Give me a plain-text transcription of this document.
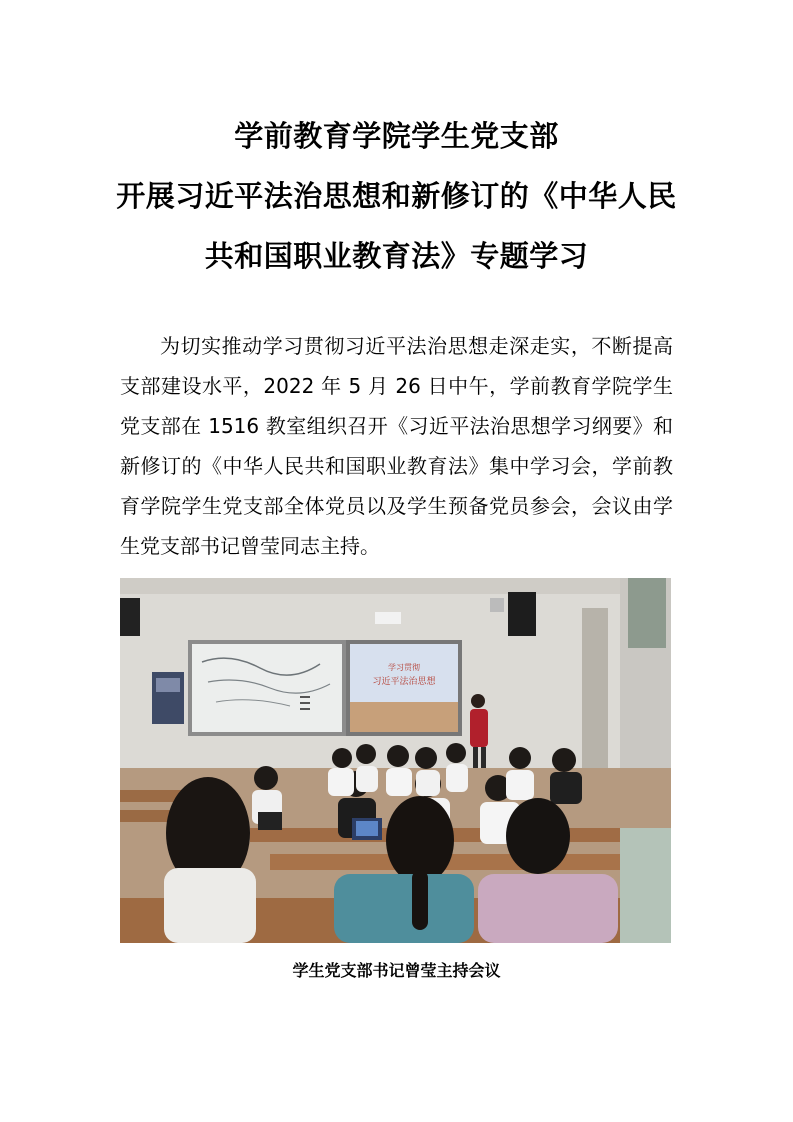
学前教育学院学生党支部
开展习近平法治思想和新修订的《中华人民
共和国职业教育法》专题学习

为切实推动学习贯彻习近平法治思想走深走实，不断提高支部建设水平，2022 年 5 月 26 日中午，学前教育学院学生党支部在 1516 教室组织召开《习近平法治思想学习纲要》和新修订的《中华人民共和国职业教育法》集中学习会，学前教育学院学生党支部全体党员以及学生预备党员参会，会议由学生党支部书记曾莹同志主持。

学习贯彻
习近平法治思想
学生党支部书记曾莹主持会议
